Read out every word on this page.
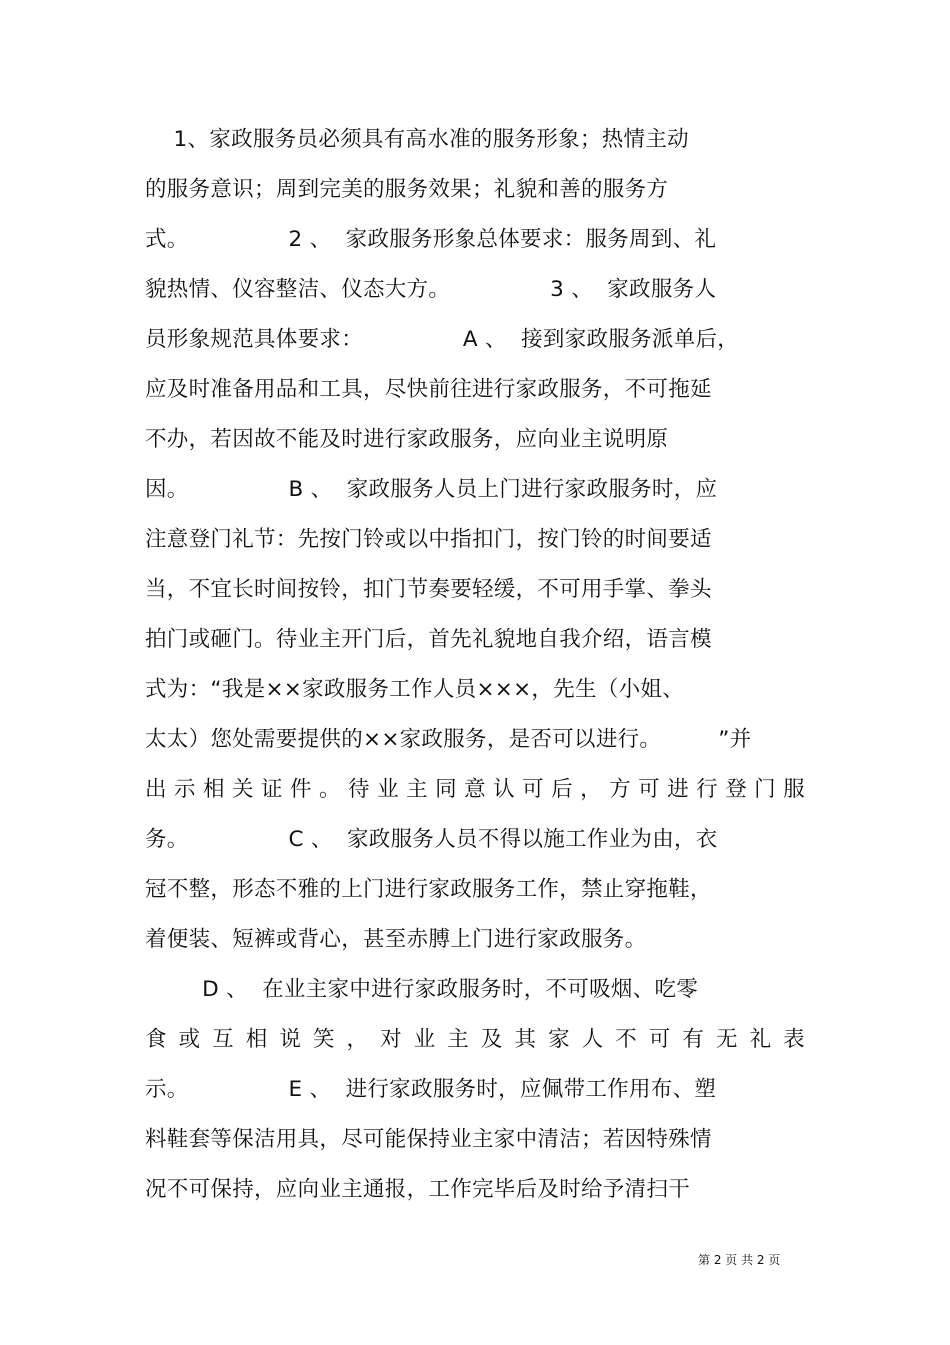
1、家政服务员必须具有高水准的服务形象；热情主动
的服务意识；周到完美的服务效果；礼貌和善的服务方
式。              2 、  家政服务形象总体要求：服务周到、礼
貌热情、仪容整洁、仪态大方。              3 、  家政服务人
员形象规范具体要求：              A 、  接到家政服务派单后，
应及时准备用品和工具，尽快前往进行家政服务，不可拖延
不办，若因故不能及时进行家政服务，应向业主说明原
因。              B 、  家政服务人员上门进行家政服务时，应
注意登门礼节：先按门铃或以中指扣门，按门铃的时间要适
当，不宜长时间按铃，扣门节奏要轻缓，不可用手掌、拳头
拍门或砸门。待业主开门后，首先礼貌地自我介绍，语言模
式为：“我是××家政服务工作人员×××，先生（小姐、
太太）您处需要提供的××家政服务，是否可以进行。        ”并
出示相关证件。待业主同意认可后，方可进行登门服
务。              C 、  家政服务人员不得以施工作业为由，衣
冠不整，形态不雅的上门进行家政服务工作，禁止穿拖鞋，
着便装、短裤或背心，甚至赤膊上门进行家政服务。
D 、  在业主家中进行家政服务时，不可吸烟、吃零
食或互相说笑，对业主及其家人不可有无礼表
示。              E 、  进行家政服务时，应佩带工作用布、塑
料鞋套等保洁用具，尽可能保持业主家中清洁；若因特殊情
况不可保持，应向业主通报，工作完毕后及时给予清扫干
第 2 页 共 2 页
